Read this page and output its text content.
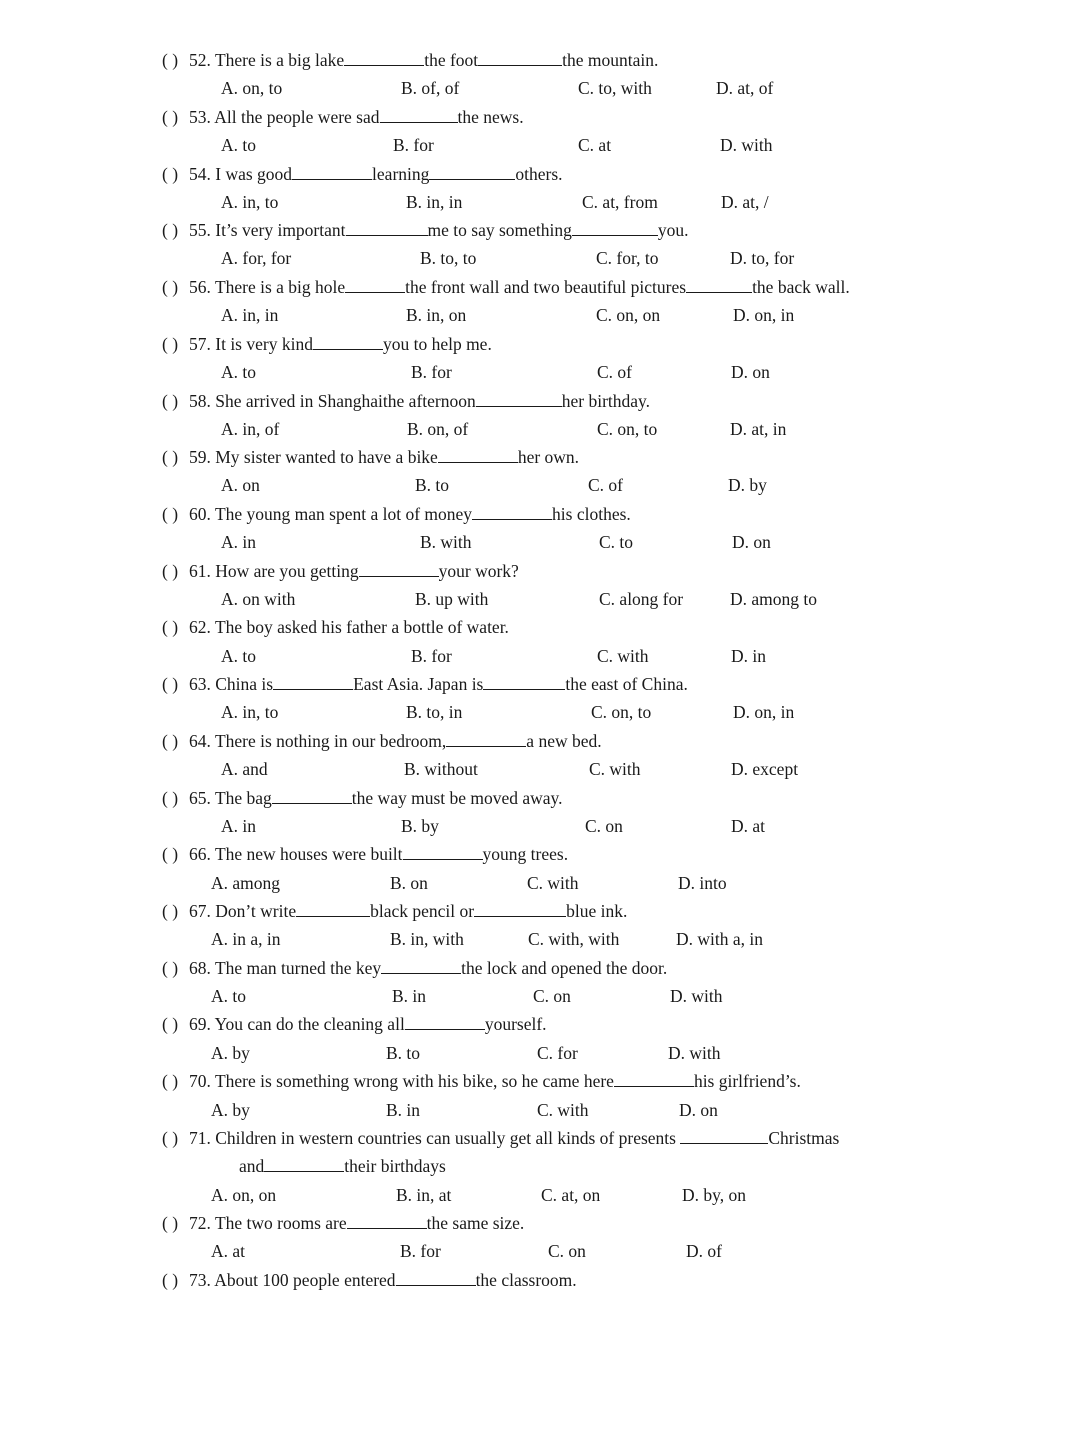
( ) 52. There is a big lake	the foot	the mountain.
A. on, to	B. of, of	C. to, with	D. at, of
( ) 53. All the people were sad	the news.
A. to	B. for	C. at	D. with
( ) 54. I was good	learning	others.
A. in, to	B. in, in	C. at, from	D. at, /
( ) 55. It’s very important	me to say something	you.
A. for, for	B. to, to	C. for, to	D. to, for
( ) 56. There is a big hole	the front wall and two beautiful pictures	the back wall.
A. in, in	B. in, on	C. on, on	D. on, in
( ) 57. It is very kind	you to help me.
A. to	B. for	C. of	D. on
( ) 58. She arrived in Shanghaithe afternoon	her birthday.
A. in, of	B. on, of	C. on, to	D. at, in
( ) 59. My sister wanted to have a bike	her own.
A. on	B. to	C. of	D. by
( ) 60. The young man spent a lot of money	his clothes.
A. in	B. with	C. to	D. on
( ) 61. How are you getting	your work?
A. on with	B. up with	C. along for	D. among to
( ) 62. The boy asked his father a bottle of water.
A. to	B. for	C. with	D. in
( ) 63. China is	East Asia. Japan is	the east of China.
A. in, to	B. to, in	C. on, to	D. on, in
( ) 64. There is nothing in our bedroom,	a new bed.
A. and	B. without	C. with	D. except
( ) 65. The bag	the way must be moved away.
A. in	B. by	C. on	D. at
( ) 66. The new houses were built	young trees.
A. among	B. on	C. with	D. into
( ) 67. Don’t write	black pencil or	blue ink.
A. in a, in	B. in, with	C. with, with	D. with a, in
( ) 68. The man turned the key	the lock and opened the door.
A. to	B. in	C. on	D. with
( ) 69. You can do the cleaning all	yourself.
A. by	B. to	C. for	D. with
( ) 70. There is something wrong with his bike, so he came here	his girlfriend’s.
A. by	B. in	C. with	D. on
( ) 71. Children in western countries can usually get all kinds of presents	Christmas
and	their birthdays
A. on, on	B. in, at	C. at, on	D. by, on
( ) 72. The two rooms are	the same size.
A. at	B. for	C. on	D. of
( ) 73. About 100 people entered	the classroom.
